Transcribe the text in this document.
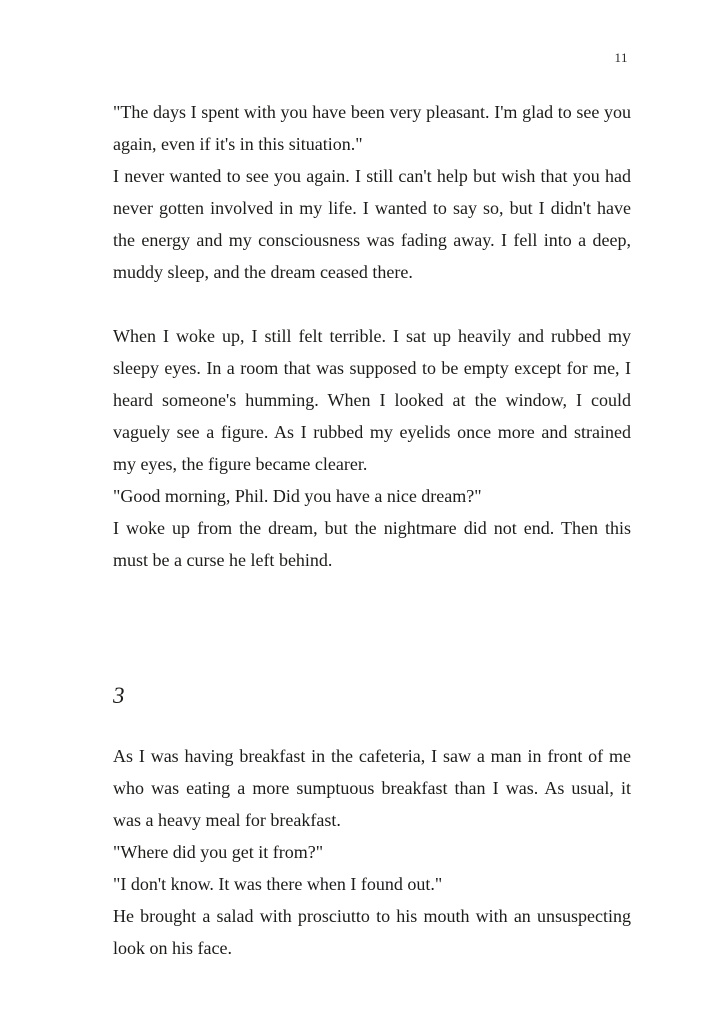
11

"The days I spent with you have been very pleasant. I'm glad to see you again, even if it's in this situation."

I never wanted to see you again. I still can't help but wish that you had never gotten involved in my life. I wanted to say so, but I didn't have the energy and my consciousness was fading away. I fell into a deep, muddy sleep, and the dream ceased there.

When I woke up, I still felt terrible. I sat up heavily and rubbed my sleepy eyes. In a room that was supposed to be empty except for me, I heard someone's humming. When I looked at the window, I could vaguely see a figure. As I rubbed my eyelids once more and strained my eyes, the figure became clearer.

"Good morning, Phil. Did you have a nice dream?"

I woke up from the dream, but the nightmare did not end. Then this must be a curse he left behind.

3

As I was having breakfast in the cafeteria, I saw a man in front of me who was eating a more sumptuous breakfast than I was. As usual, it was a heavy meal for breakfast.

"Where did you get it from?"

"I don't know. It was there when I found out."

He brought a salad with prosciutto to his mouth with an unsuspecting look on his face.
